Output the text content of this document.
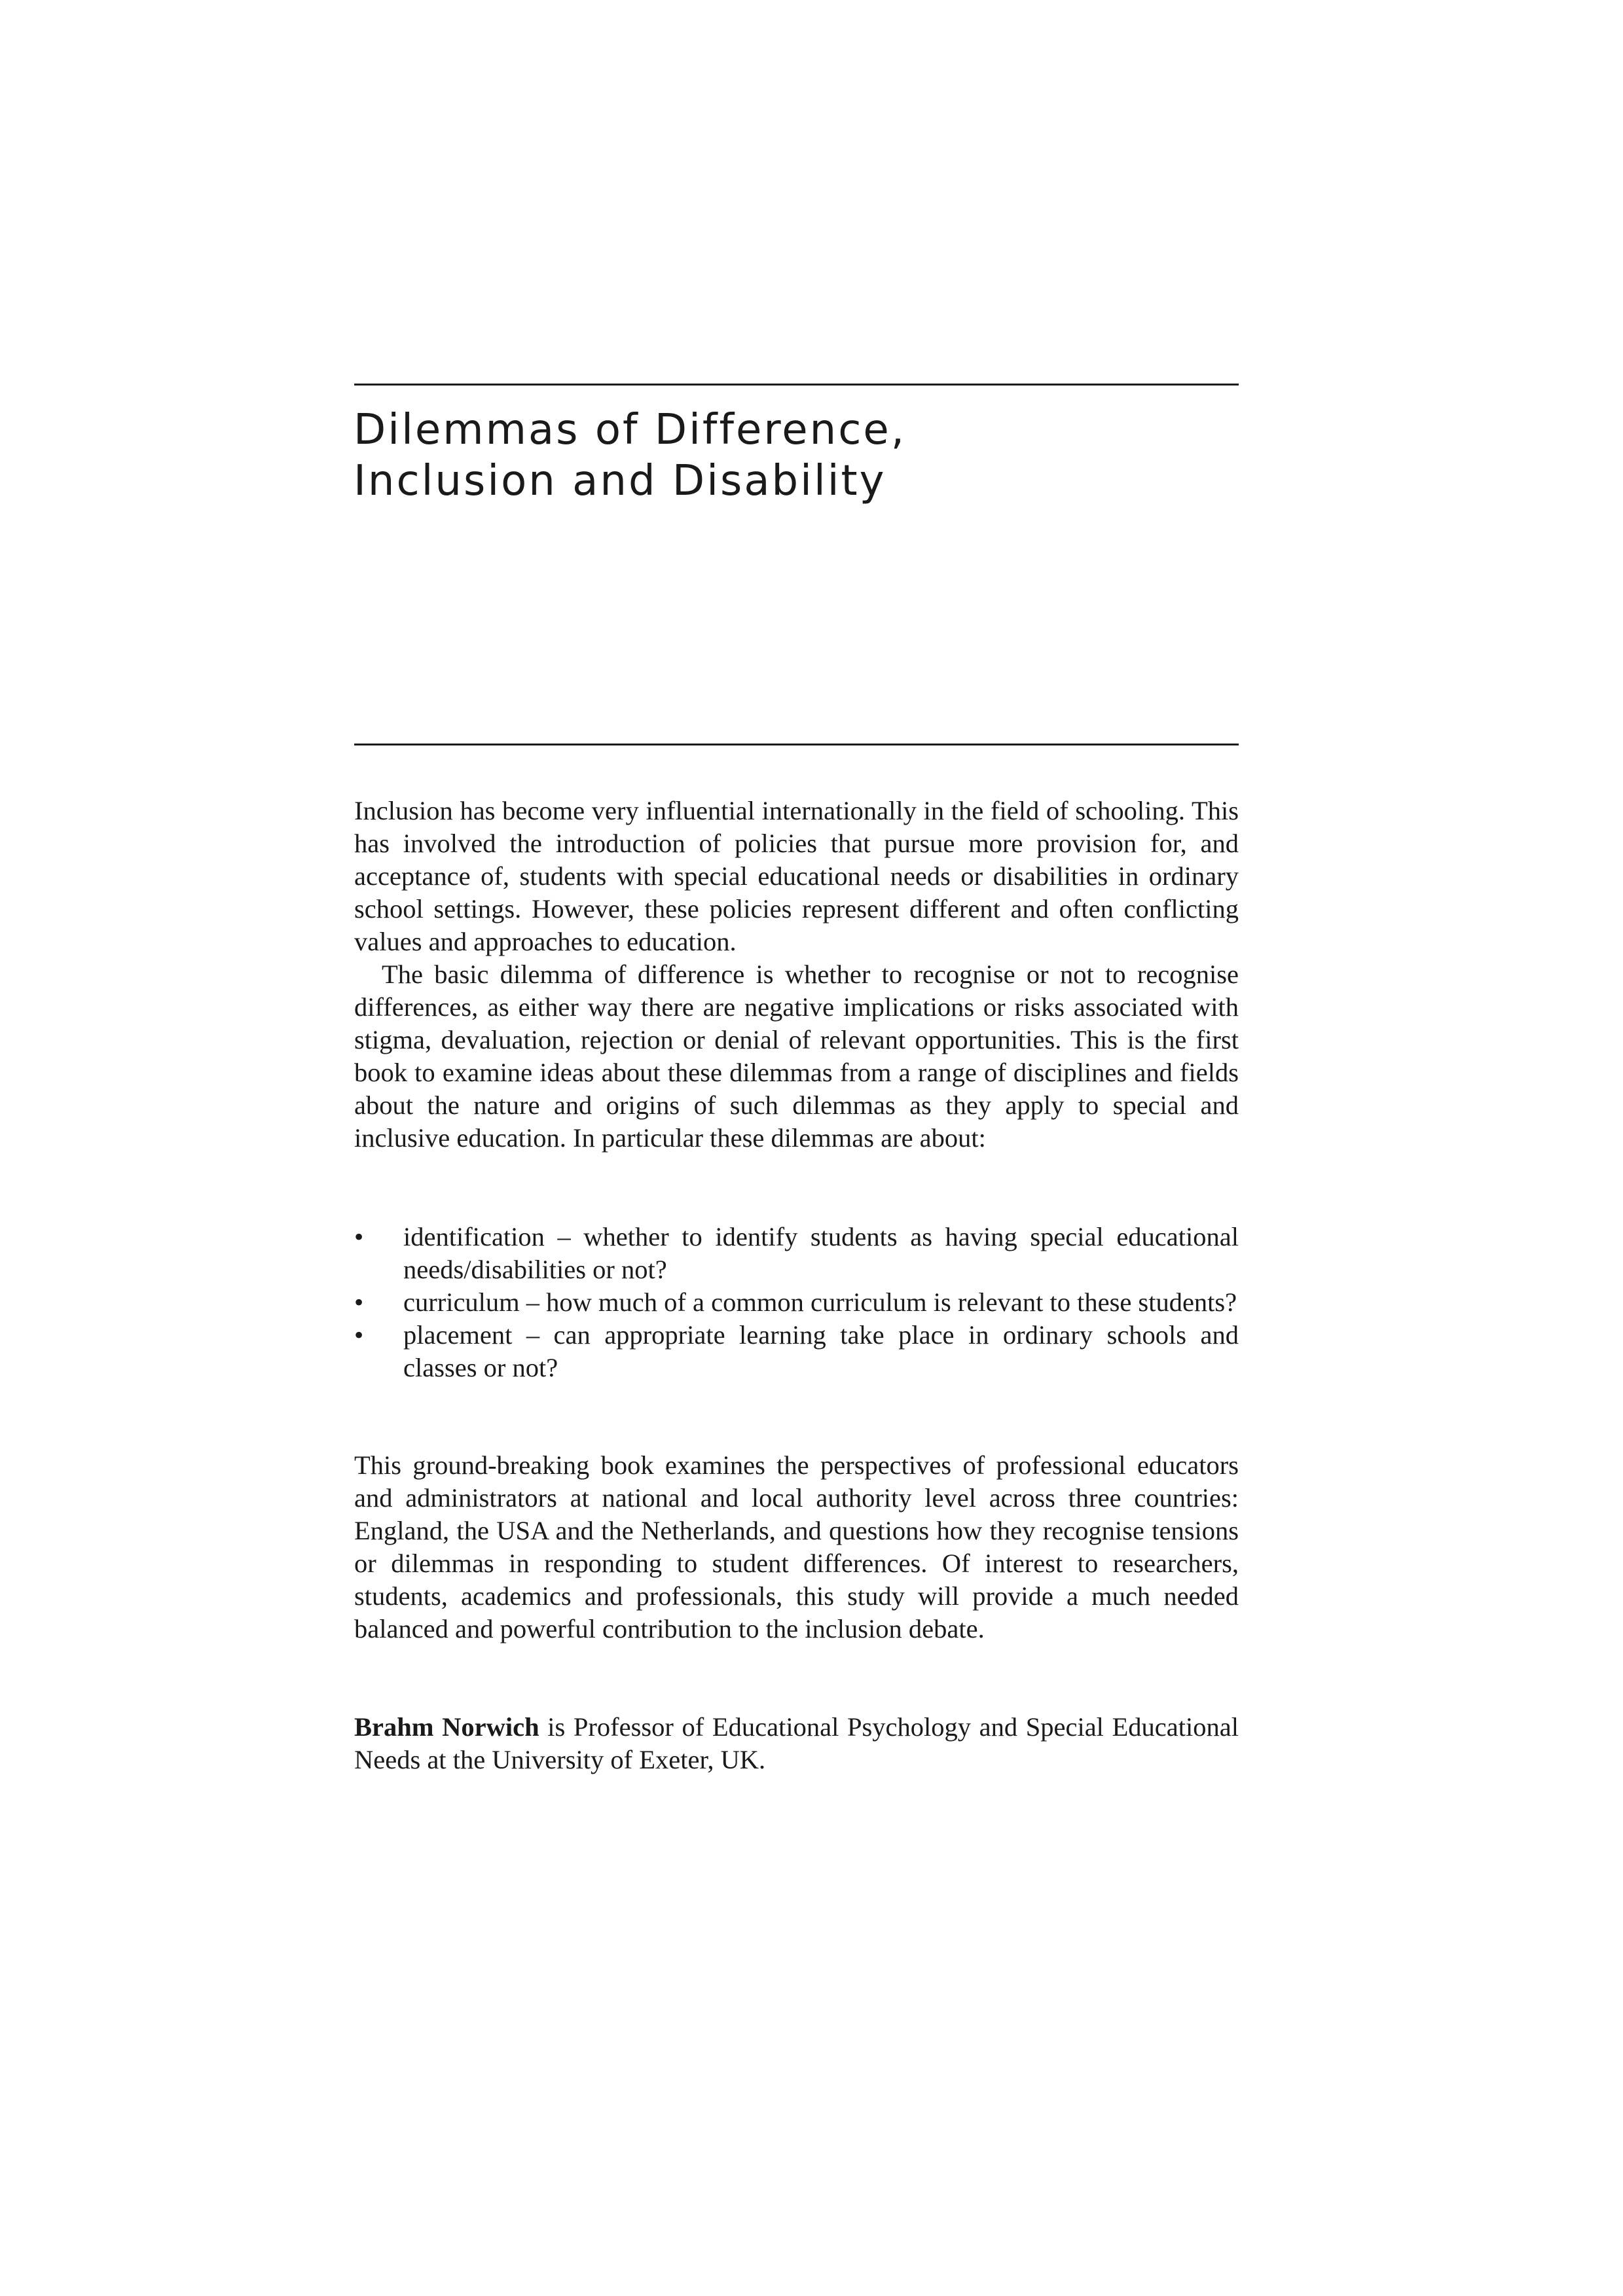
Dilemmas of Difference,
Inclusion and Disability

Inclusion has become very influential internationally in the field of schooling. This has involved the introduction of policies that pursue more provision for, and acceptance of, students with special educational needs or disabilities in ordinary school settings. However, these policies represent different and often conflicting values and approaches to education.

The basic dilemma of difference is whether to recognise or not to recognise differences, as either way there are negative implications or risks associated with stigma, devaluation, rejection or denial of relevant opportunities. This is the first book to examine ideas about these dilemmas from a range of disciplines and fields about the nature and origins of such dilemmas as they apply to special and inclusive education. In particular these dilemmas are about:

• identification – whether to identify students as having special educational needs/disabilities or not?
• curriculum – how much of a common curriculum is relevant to these students?
• placement – can appropriate learning take place in ordinary schools and classes or not?

This ground-breaking book examines the perspectives of professional educators and administrators at national and local authority level across three countries: England, the USA and the Netherlands, and questions how they recognise tensions or dilemmas in responding to student differences. Of interest to researchers, students, academics and professionals, this study will provide a much needed balanced and powerful contribution to the inclusion debate.

Brahm Norwich is Professor of Educational Psychology and Special Educational Needs at the University of Exeter, UK.
